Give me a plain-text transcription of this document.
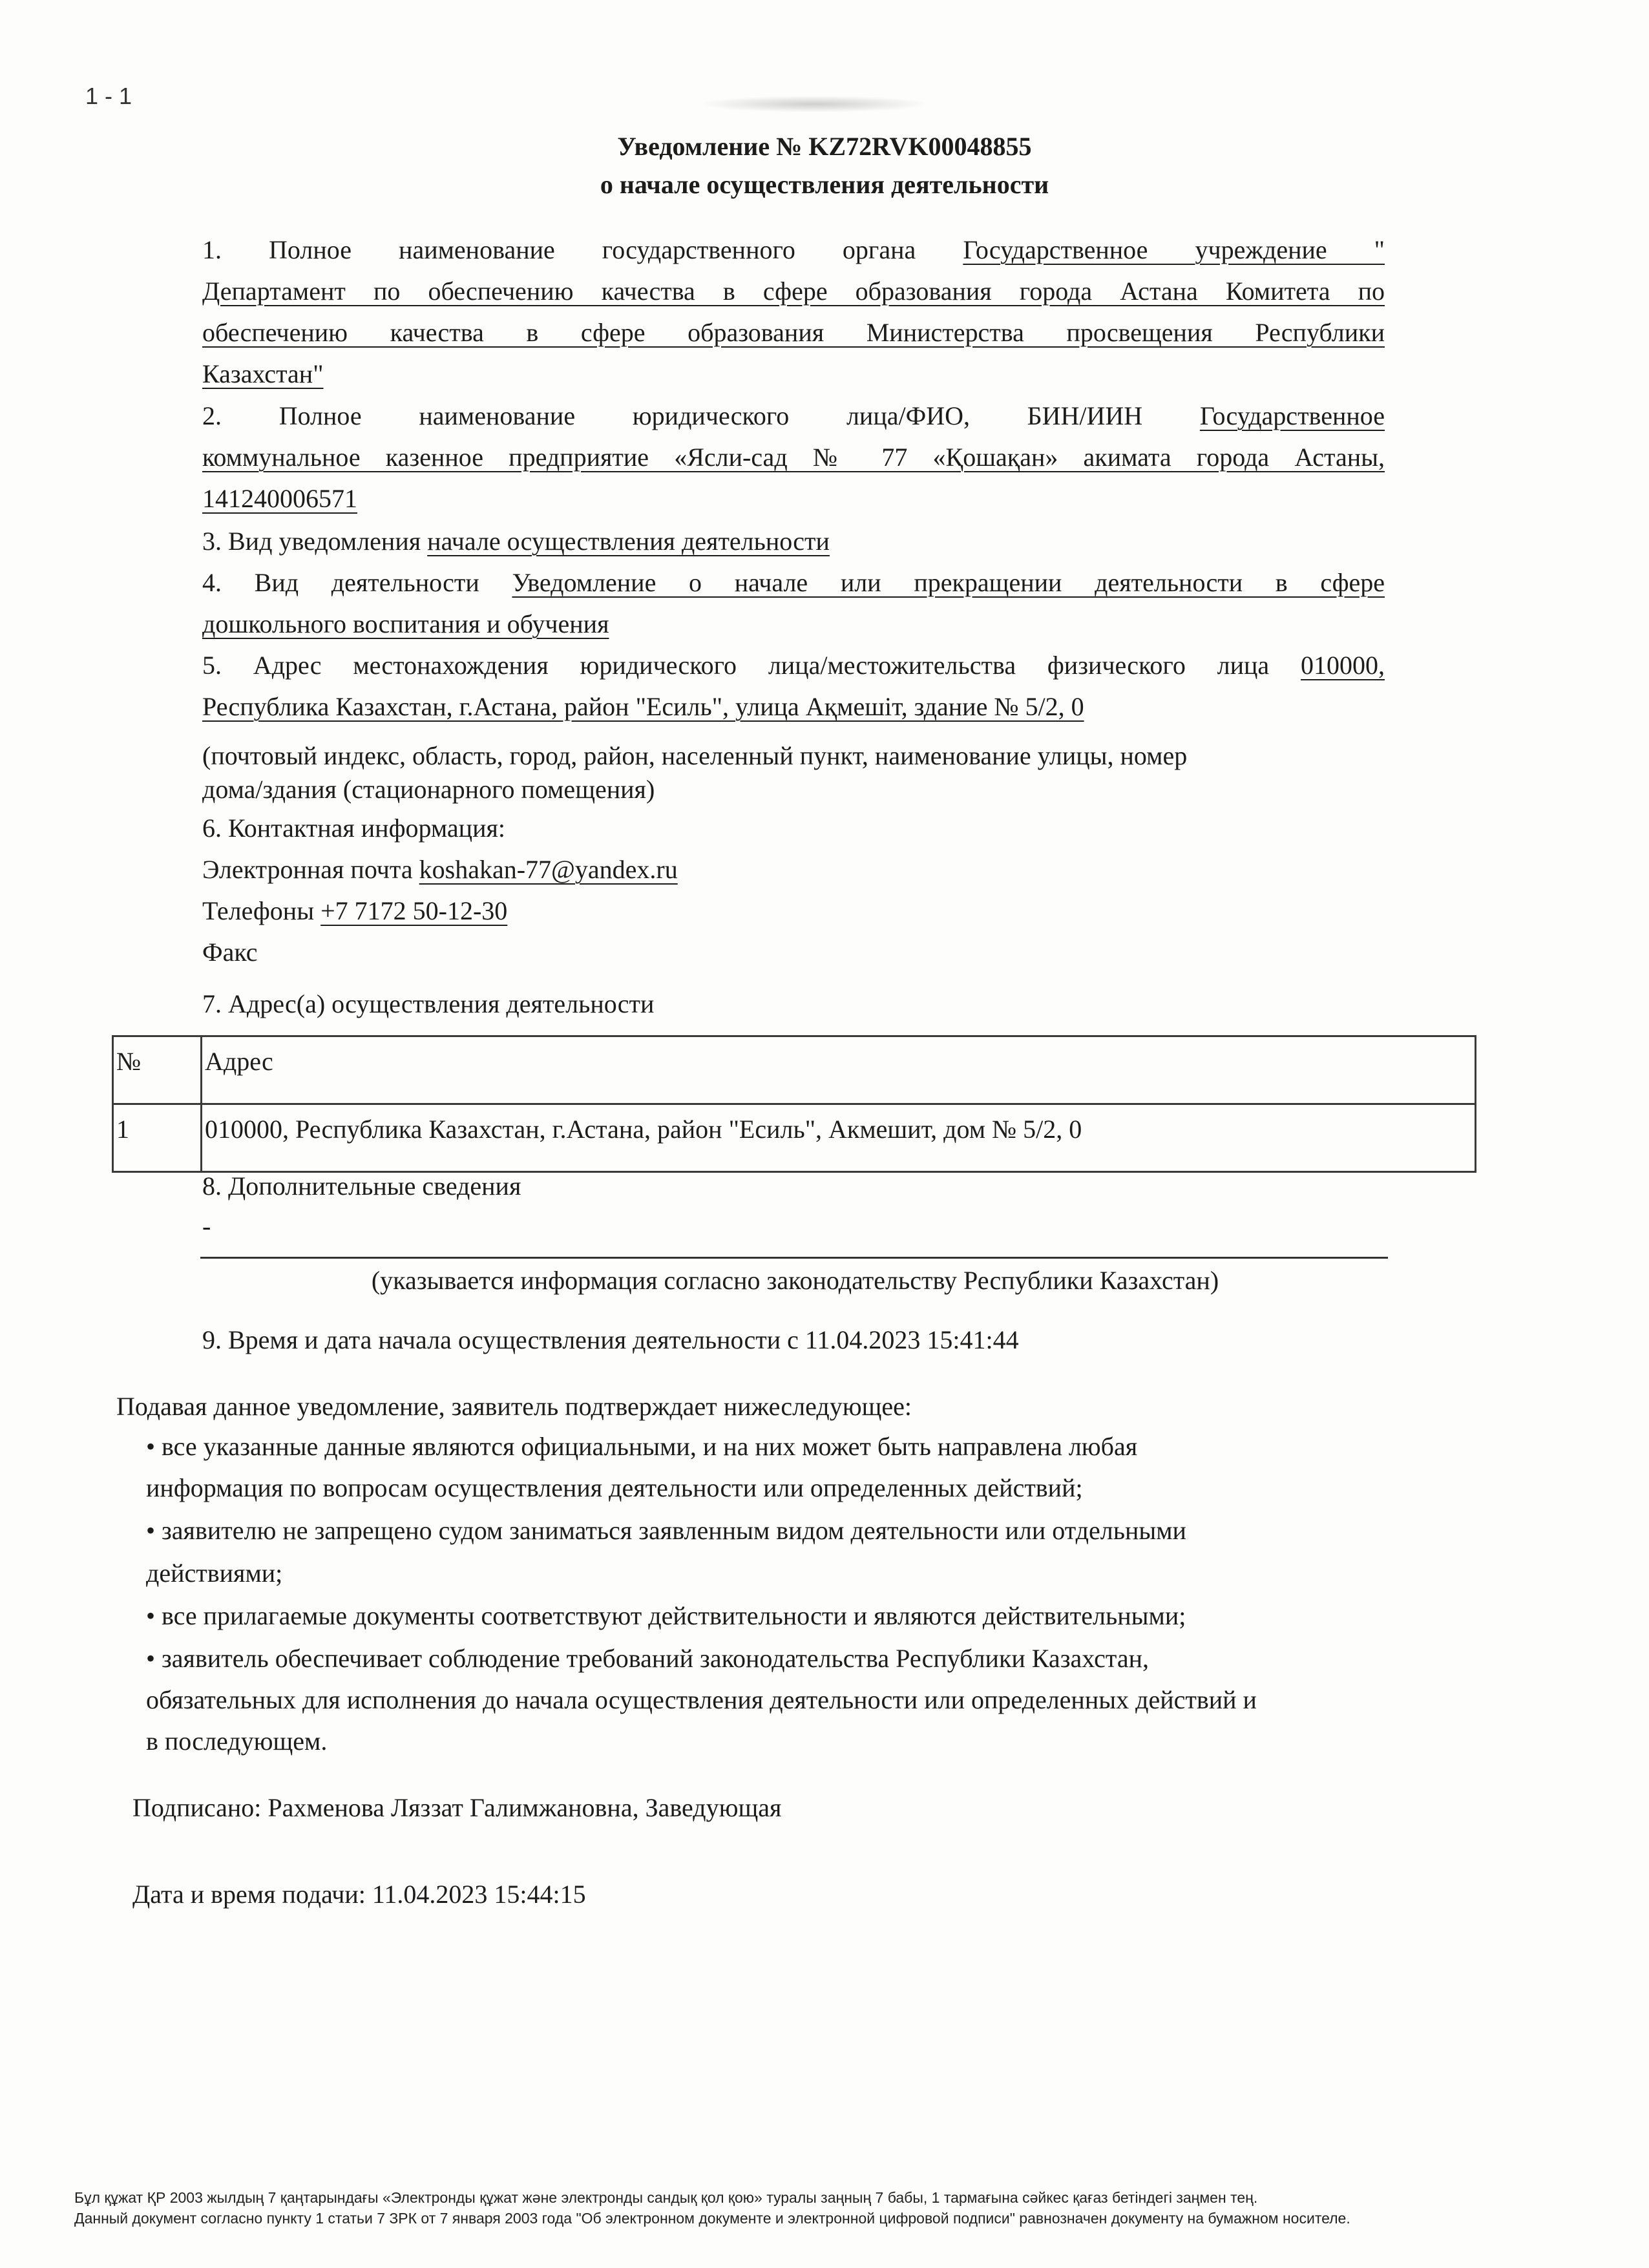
1 - 1
Уведомление № KZ72RVK00048855
о начале осуществления деятельности
1. Полное наименование государственного органа Государственное учреждение "
Департамент по обеспечению качества в сфере образования города Астана Комитета по
обеспечению качества в сфере образования Министерства просвещения Республики
Казахстан"
2. Полное наименование юридического лица/ФИО, БИН/ИИН Государственное
коммунальное казенное предприятие «Ясли-сад № 77 «Қошақан» акимата города Астаны,
141240006571
3. Вид уведомления начале осуществления деятельности
4. Вид деятельности Уведомление о начале или прекращении деятельности в сфере
дошкольного воспитания и обучения
5. Адрес местонахождения юридического лица/местожительства физического лица 010000,
Республика Казахстан, г.Астана, район "Есиль", улица Ақмешіт, здание № 5/2, 0
(почтовый индекс, область, город, район, населенный пункт, наименование улицы, номер
дома/здания (стационарного помещения)
6. Контактная информация:
Электронная почта koshakan-77@yandex.ru
Телефоны +7 7172 50-12-30
Факс
7. Адрес(а) осуществления деятельности
№	Адрес
1	010000, Республика Казахстан, г.Астана, район "Есиль", Акмешит, дом № 5/2, 0
8. Дополнительные сведения
-
(указывается информация согласно законодательству Республики Казахстан)
9. Время и дата начала осуществления деятельности с 11.04.2023 15:41:44
Подавая данное уведомление, заявитель подтверждает нижеследующее:
• все указанные данные являются официальными, и на них может быть направлена любая
информация по вопросам осуществления деятельности или определенных действий;
• заявителю не запрещено судом заниматься заявленным видом деятельности или отдельными
действиями;
• все прилагаемые документы соответствуют действительности и являются действительными;
• заявитель обеспечивает соблюдение требований законодательства Республики Казахстан,
обязательных для исполнения до начала осуществления деятельности или определенных действий и
в последующем.
Подписано: Рахменова Ляззат Галимжановна, Заведующая
Дата и время подачи: 11.04.2023 15:44:15
Бұл құжат ҚР 2003 жылдың 7 қаңтарындағы «Электронды құжат және электронды сандық қол қою» туралы заңның 7 бабы, 1 тармағына сәйкес қағаз бетіндегі заңмен тең.
Данный документ согласно пункту 1 статьи 7 ЗРК от 7 января 2003 года "Об электронном документе и электронной цифровой подписи" равнозначен документу на бумажном носителе.
